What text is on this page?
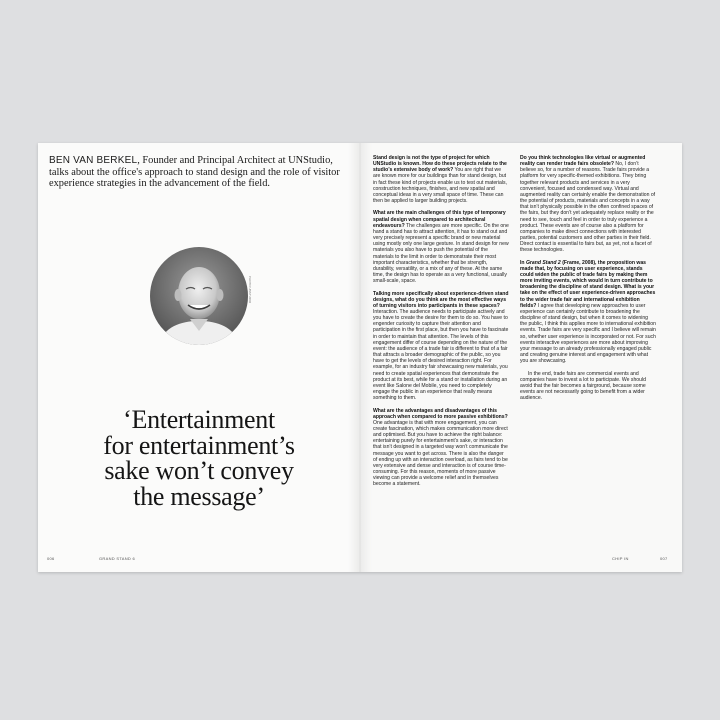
BEN VAN BERKEL, Founder and Principal Architect at UNStudio, talks about the office's approach to stand design and the role of visitor experience strategies in the advancement of the field.
PHOTO UNSTUDIO
‘Entertainment
for entertainment’s
sake won’t convey
the message’
006	GRAND STAND 6

Stand design is not the type of project for which UNStudio is known. How do these projects relate to the studio’s extensive body of work? You are right that we are known more for our buildings than for stand design, but in fact these kind of projects enable us to test out materials, construction techniques, finishes, and new spatial and conceptual ideas in a very small space of time. These can then be applied to larger building projects.

What are the main challenges of this type of temporary spatial design when compared to architectural endeavours? The challenges are more specific. On the one hand a stand has to attract attention, it has to stand out and very precisely represent a specific brand or new material using mostly only one large gesture. In stand design for new materials you also have to push the potential of the materials to the limit in order to demonstrate their most important characteristics, whether that be strength, durability, versatility, or a mix of any of these. At the same time, the design has to operate as a very functional, usually small-scale, space.

Talking more specifically about experience-driven stand designs, what do you think are the most effective ways of turning visitors into participants in these spaces? Interaction. The audience needs to participate actively and you have to create the desire for them to do so. You have to engender curiosity to capture their attention and participation in the first place, but then you have to fascinate in order to maintain that attention. The levels of this engagement differ of course depending on the nature of the event: the audience of a trade fair is different to that of a fair that attracts a broader demographic of the public, so you have to get the levels of desired interaction right. For example, for an industry fair showcasing new materials, you need to create spatial experiences that demonstrate the product at its best, while for a stand or installation during an event like Salone del Mobile, you need to completely engage the public in an experience that really means something to them.

What are the advantages and disadvantages of this approach when compared to more passive exhibitions? One advantage is that with more engagement, you can create fascination, which makes communication more direct and optimised. But you have to achieve the right balance: entertaining purely for entertainment’s sake, or interaction that isn’t designed in a targeted way won’t communicate the message you want to get across. There is also the danger of ending up with an interaction overload, as fairs tend to be very extensive and dense and interaction is of course time-consuming. For this reason, moments of more passive viewing can provide a welcome relief and in themselves become a statement.

Do you think technologies like virtual or augmented reality can render trade fairs obsolete? No, I don’t believe so, for a number of reasons. Trade fairs provide a platform for very specific-themed exhibitions. They bring together relevant products and services in a very convenient, focused and condensed way. Virtual and augmented reality can certainly enable the demonstration of the potential of products, materials and concepts in a way that isn’t physically possible in the often confined spaces of the fairs, but they don’t yet adequately replace reality or the need to see, touch and feel in order to truly experience a product. These events are of course also a platform for companies to make direct connections with interested parties, potential customers and other parties in their field. Direct contact is essential to fairs but, as yet, not a facet of these technologies.

In Grand Stand 2 (Frame, 2008), the proposition was made that, by focusing on user experience, stands could widen the public of trade fairs by making them more inviting events, which would in turn contribute to broadening the discipline of stand design. What is your take on the effect of user experience-driven approaches to the wider trade fair and international exhibition fields? I agree that developing new approaches to user experience can certainly contribute to broadening the discipline of stand design, but when it comes to widening the public, I think this applies more to international exhibition events. Trade fairs are very specific and I believe will remain so, whether user experience is incorporated or not. For such events interactive experiences are more about improving your message to an already professionally engaged public and creating genuine interest and engagement with what you are showcasing.

In the end, trade fairs are commercial events and companies have to invest a lot to participate. We should avoid that the fair becomes a fairground, because some events are not necessarily going to benefit from a wider audience.

CHIP IN	007
